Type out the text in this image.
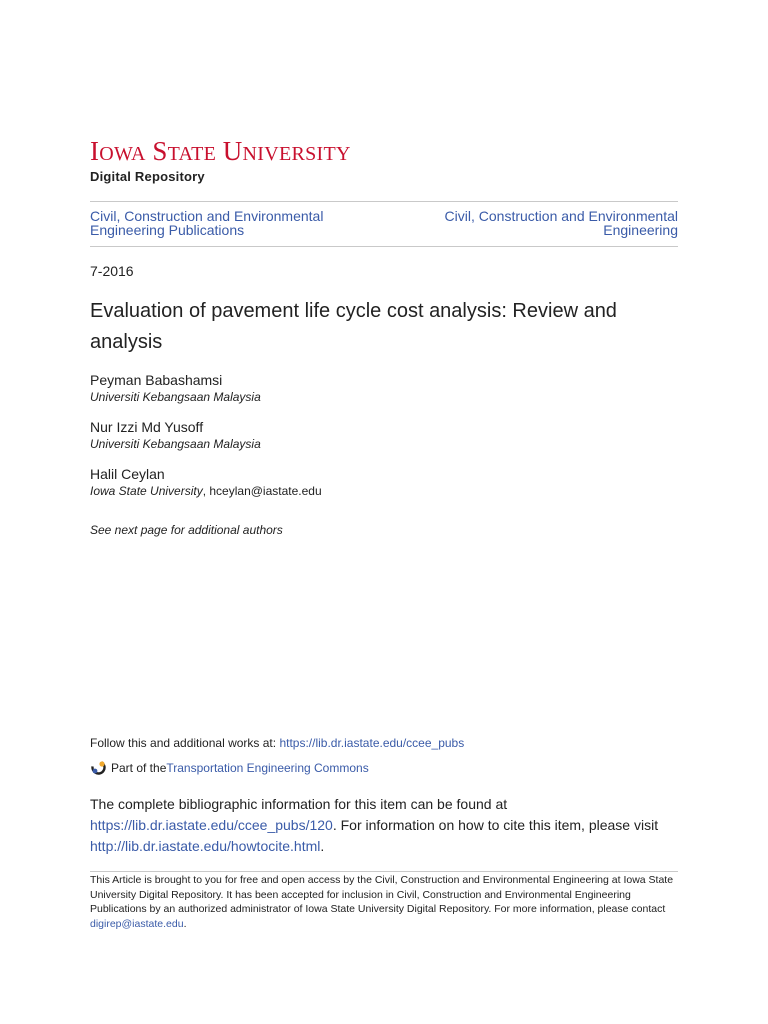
IOWA STATE UNIVERSITY
Digital Repository
Civil, Construction and Environmental Engineering Publications
Civil, Construction and Environmental Engineering
7-2016
Evaluation of pavement life cycle cost analysis: Review and analysis
Peyman Babashamsi
Universiti Kebangsaan Malaysia
Nur Izzi Md Yusoff
Universiti Kebangsaan Malaysia
Halil Ceylan
Iowa State University, hceylan@iastate.edu
See next page for additional authors
Follow this and additional works at: https://lib.dr.iastate.edu/ccee_pubs
Part of the Transportation Engineering Commons
The complete bibliographic information for this item can be found at https://lib.dr.iastate.edu/ccee_pubs/120. For information on how to cite this item, please visit http://lib.dr.iastate.edu/howtocite.html.
This Article is brought to you for free and open access by the Civil, Construction and Environmental Engineering at Iowa State University Digital Repository. It has been accepted for inclusion in Civil, Construction and Environmental Engineering Publications by an authorized administrator of Iowa State University Digital Repository. For more information, please contact digirep@iastate.edu.
